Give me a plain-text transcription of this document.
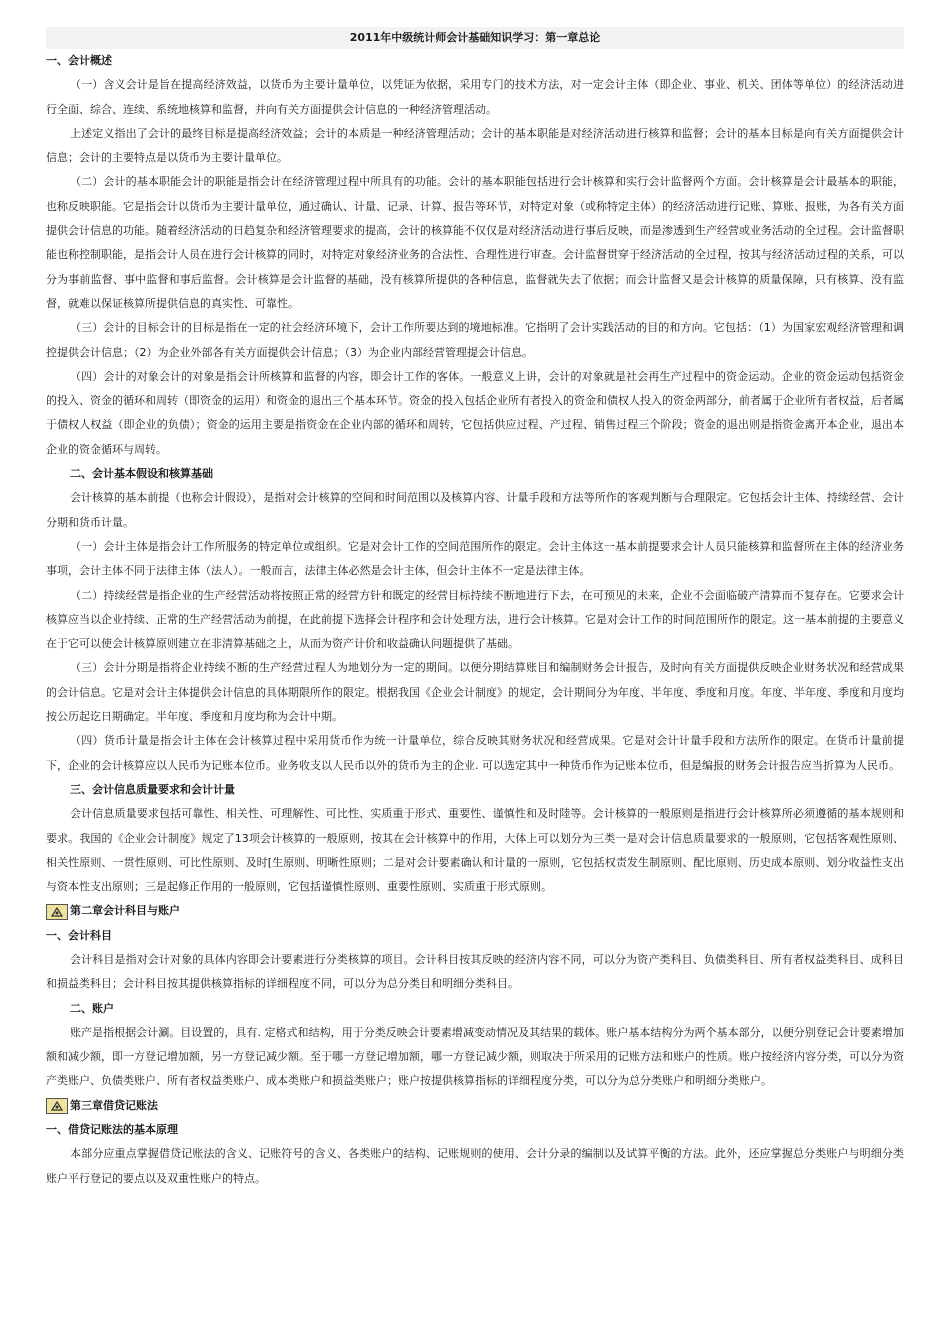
2011年中级统计师会计基础知识学习：第一章总论
一、会计概述

（一）含义会计是旨在提高经济效益，以货币为主要计量单位，以凭证为依据，采用专门的技术方法，对一定会计主体（即企业、事业、机关、团体等单位）的经济活动进行全面、综合、连续、系统地核算和监督，并向有关方面提供会计信息的一种经济管理活动。

上述定义指出了会计的最终目标是提高经济效益；会计的本质是一种经济管理活动；会计的基本职能是对经济活动进行核算和监督；会计的基本目标是向有关方面提供会计信息；会计的主要特点是以货币为主要计量单位。

（二）会计的基本职能会计的职能是指会计在经济管理过程中所具有的功能。会计的基本职能包括进行会计核算和实行会计监督两个方面。会计核算是会计最基本的职能，也称反映职能。它是指会计以货币为主要计量单位，通过确认、计量、记录、计算、报告等环节，对特定对象（或称特定主体）的经济活动进行记账、算账、报账，为各有关方面提供会计信息的功能。随着经济活动的日趋复杂和经济管理要求的提高，会计的核算能不仅仅是对经济活动进行事后反映，而是渗透到生产经营或业务活动的全过程。会计监督职能也称控制职能，是指会计人员在进行会计核算的同时，对特定对象经济业务的合法性、合理性进行审查。会计监督贯穿于经济活动的全过程，按其与经济活动过程的关系，可以分为事前监督、事中监督和事后监督。会计核算是会计监督的基础，没有核算所提供的各种信息，监督就失去了依据；而会计监督又是会计核算的质量保障，只有核算、没有监督，就难以保证核算所提供信息的真实性、可靠性。

（三）会计的目标会计的目标是指在一定的社会经济环境下，会计工作所要达到的境地标准。它指明了会计实践活动的目的和方向。它包括：（1）为国家宏观经济管理和调控提供会计信息；（2）为企业外部各有关方面提供会计信息；（3）为企业内部经营管理提会计信息。

（四）会计的对象会计的对象是指会计所核算和监督的内容，即会计工作的客体。一般意义上讲，会计的对象就是社会再生产过程中的资金运动。企业的资金运动包括资金的投入、资金的循环和周转（即资金的运用）和资金的退出三个基本环节。资金的投入包括企业所有者投入的资金和债权人投入的资金两部分，前者属于企业所有者权益，后者属于债权人权益（即企业的负债）；资金的运用主要是指资金在企业内部的循环和周转，它包括供应过程、产过程、销售过程三个阶段；资金的退出则是指资金离开本企业，退出本企业的资金循环与周转。

二、会计基本假设和核算基础

会计核算的基本前提（也称会计假设），是指对会计核算的空间和时间范围以及核算内容、计量手段和方法等所作的客观判断与合理限定。它包括会计主体、持续经营、会计分期和货币计量。

（一）会计主体是指会计工作所服务的特定单位或组织。它是对会计工作的空间范围所作的限定。会计主体这一基本前提要求会计人员只能核算和监督所在主体的经济业务事项，会计主体不同于法律主体（法人）。一般而言，法律主体必然是会计主体，但会计主体不一定是法律主体。

（二）持续经营是指企业的生产经营活动将按照正常的经营方针和既定的经营目标持续不断地进行下去，在可预见的未来，企业不会面临破产清算而不复存在。它要求会计核算应当以企业持续、正常的生产经营活动为前提，在此前提下选择会计程序和会计处理方法，进行会计核算。它是对会计工作的时间范围所作的限定。这一基本前提的主要意义在于它可以使会计核算原则建立在非清算基础之上，从而为资产计价和收益确认问题提供了基础。

（三）会计分期是指将企业持续不断的生产经营过程人为地划分为一定的期间。以便分期结算账目和编制财务会计报告，及时向有关方面提供反映企业财务状况和经营成果的会计信息。它是对会计主体提供会计信息的具体期限所作的限定。根据我国《企业会计制度》的规定，会计期间分为年度、半年度、季度和月度。年度、半年度、季度和月度均按公历起讫日期确定。半年度、季度和月度均称为会计中期。

（四）货币计量是指会计主体在会计核算过程中采用货币作为统一计量单位，综合反映其财务状况和经营成果。它是对会计计量手段和方法所作的限定。在货币计量前提下，企业的会计核算应以人民币为记账本位币。业务收支以人民币以外的货币为主的企业. 可以选定其中一种货币作为记账本位币，但是编报的财务会计报告应当折算为人民币。

三、会计信息质量要求和会计计量

会计信息质量要求包括可靠性、相关性、可理解性、可比性、实质重于形式、重要性、谨慎性和及时陸等。会计核算的一般原则是指进行会计核算所必须遵循的基本规则和要求。我国的《企业会计制度》规定了13项会计核算的一般原则，按其在会计核算中的作用，大体上可以划分为三类一是对会计信息质量要求的一般原则，它包括客观性原则、相关性原则、一贯性原则、可比性原则、及时[生原则、明晰性原则；二是对会计要素确认和计量的一原则，它包括权责发生制原则、配比原则、历史成本原则、划分收益性支出与资本性支出原则；三是起修正作用的一般原则，它包括谨慎性原则、重要性原则、实质重于形式原则。

第二章会计科目与账户
一、会计科目

会计科目是指对会计对象的具体内容即会计要素进行分类核算的项目。会计科目按其反映的经济内容不同，可以分为资产类科目、负债类科目、所有者权益类科目、成科目和损益类科目；会计科目按其提供核算指标的详细程度不同，可以分为总分类目和明细分类科目。

二、账户

账产是指根据会计涮。目设置的，具有. 定格式和结构，用于分类反映会计要素增减变动情况及其结果的载体。账户基本结构分为两个基本部分，以便分别登记会计要素增加额和减少额，即一方登记增加额，另一方登记减少额。至于哪一方登记增加额，哪一方登记减少额，则取决于所采用的记账方法和账户的性质。账户按经济内容分类，可以分为资产类账户、负债类账户、所有者权益类账户、成本类账户和损益类账户；账户按提供核算指标的详细程度分类，可以分为总分类账户和明细分类账户。

第三章借贷记账法
一、借贷记账法的基本原理

本部分应重点掌握借贷记账法的含义、记账符号的含义、各类账户的结构、记账规则的使用、会计分录的编制以及试算平衡的方法。此外，还应掌握总分类账户与明细分类账户平行登记的要点以及双重性账户的特点。
